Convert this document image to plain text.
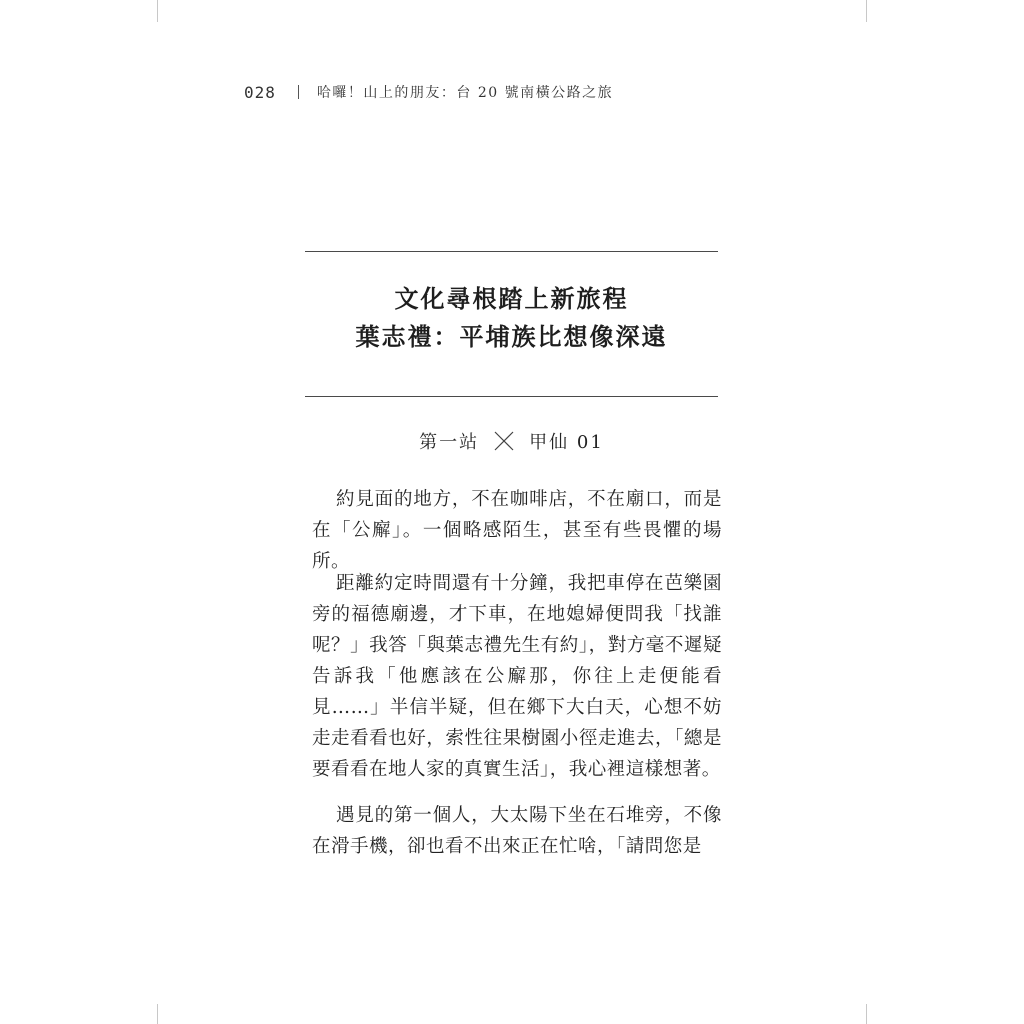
028	哈囉！山上的朋友：台 20 號南橫公路之旅
文化尋根踏上新旅程
葉志禮：平埔族比想像深遠
第一站	甲仙 01

約見面的地方，不在咖啡店，不在廟口，而是在「公廨」。一個略感陌生，甚至有些畏懼的場所。

距離約定時間還有十分鐘，我把車停在芭樂園旁的福德廟邊，才下車，在地媳婦便問我「找誰呢？」我答「與葉志禮先生有約」，對方毫不遲疑告訴我「他應該在公廨那，你往上走便能看見……」半信半疑，但在鄉下大白天，心想不妨走走看看也好，索性往果樹園小徑走進去，「總是要看看在地人家的真實生活」，我心裡這樣想著。

遇見的第一個人，大太陽下坐在石堆旁，不像在滑手機，卻也看不出來正在忙啥，「請問您是
